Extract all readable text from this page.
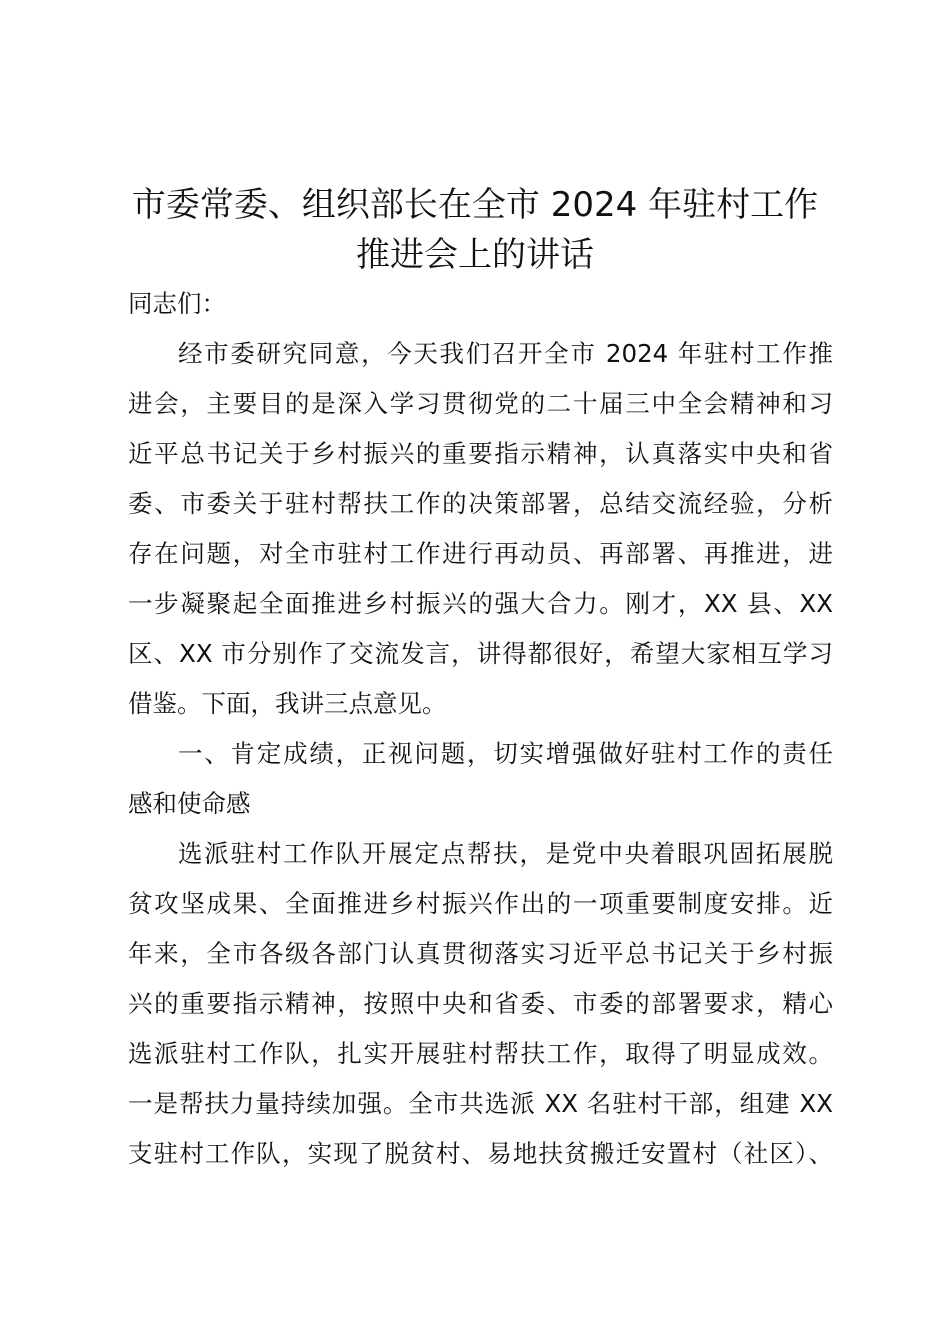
市委常委、组织部长在全市 2024 年驻村工作
推进会上的讲话

同志们：

经市委研究同意，今天我们召开全市 2024 年驻村工作推

进会，主要目的是深入学习贯彻党的二十届三中全会精神和习

近平总书记关于乡村振兴的重要指示精神，认真落实中央和省

委、市委关于驻村帮扶工作的决策部署，总结交流经验，分析

存在问题，对全市驻村工作进行再动员、再部署、再推进，进

一步凝聚起全面推进乡村振兴的强大合力。刚才，XX 县、XX

区、XX 市分别作了交流发言，讲得都很好，希望大家相互学习

借鉴。下面，我讲三点意见。

一、肯定成绩，正视问题，切实增强做好驻村工作的责任

感和使命感

选派驻村工作队开展定点帮扶，是党中央着眼巩固拓展脱

贫攻坚成果、全面推进乡村振兴作出的一项重要制度安排。近

年来，全市各级各部门认真贯彻落实习近平总书记关于乡村振

兴的重要指示精神，按照中央和省委、市委的部署要求，精心

选派驻村工作队，扎实开展驻村帮扶工作，取得了明显成效。

一是帮扶力量持续加强。全市共选派 XX 名驻村干部，组建 XX

支驻村工作队，实现了脱贫村、易地扶贫搬迁安置村（社区）、
